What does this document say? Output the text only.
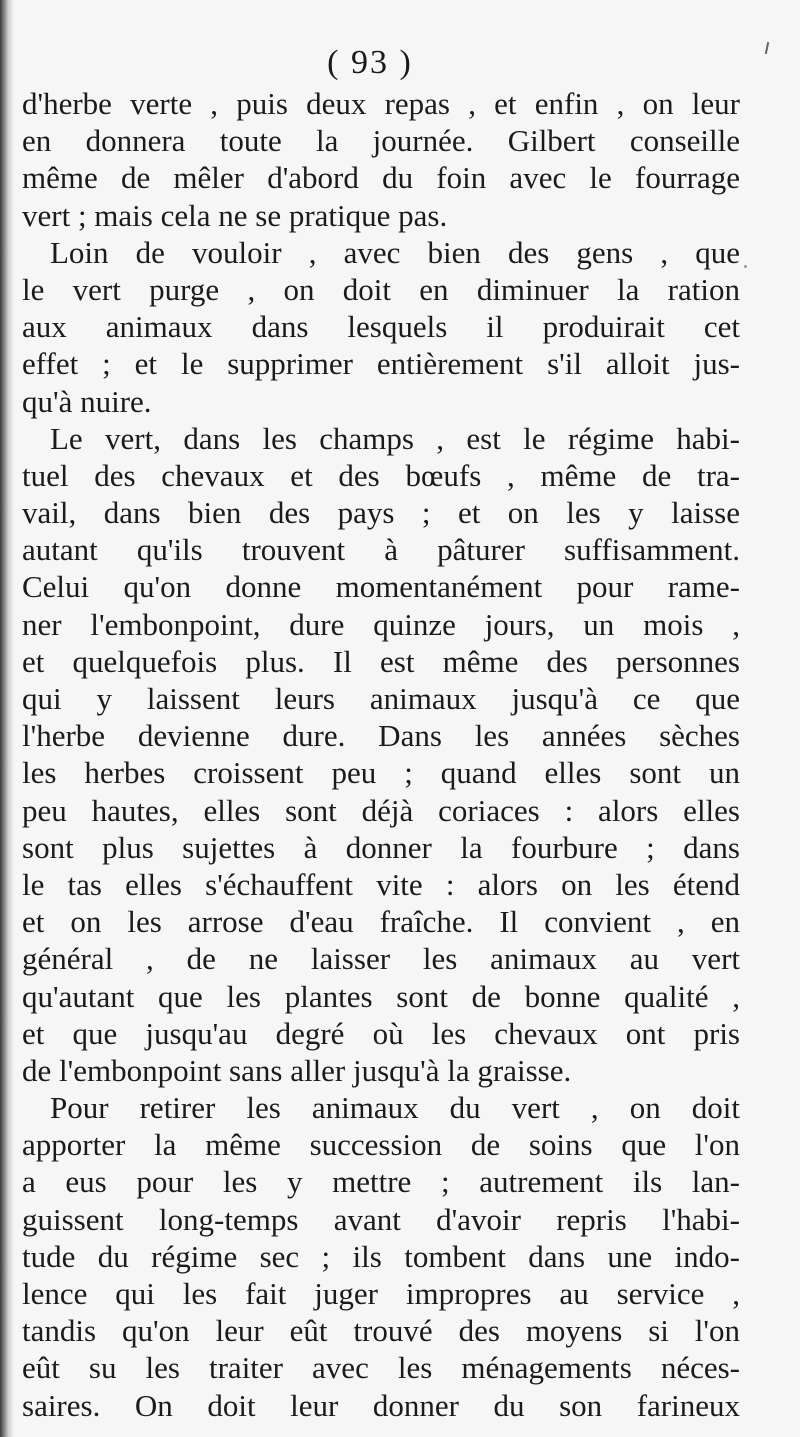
( 93 )
d'herbe verte , puis deux repas , et enfin , on leur
en donnera toute la journée. Gilbert conseille
même de mêler d'abord du foin avec le fourrage
vert ; mais cela ne se pratique pas.
Loin de vouloir , avec bien des gens , que
le vert purge , on doit en diminuer la ration
aux animaux dans lesquels il produirait cet
effet ; et le supprimer entièrement s'il alloit jus-
qu'à nuire.
Le vert, dans les champs , est le régime habi-
tuel des chevaux et des bœufs , même de tra-
vail, dans bien des pays ; et on les y laisse
autant qu'ils trouvent à pâturer suffisamment.
Celui qu'on donne momentanément pour rame-
ner l'embonpoint, dure quinze jours, un mois ,
et quelquefois plus. Il est même des personnes
qui y laissent leurs animaux jusqu'à ce que
l'herbe devienne dure. Dans les années sèches
les herbes croissent peu ; quand elles sont un
peu hautes, elles sont déjà coriaces : alors elles
sont plus sujettes à donner la fourbure ; dans
le tas elles s'échauffent vite : alors on les étend
et on les arrose d'eau fraîche. Il convient , en
général , de ne laisser les animaux au vert
qu'autant que les plantes sont de bonne qualité ,
et que jusqu'au degré où les chevaux ont pris
de l'embonpoint sans aller jusqu'à la graisse.
Pour retirer les animaux du vert , on doit
apporter la même succession de soins que l'on
a eus pour les y mettre ; autrement ils lan-
guissent long-temps avant d'avoir repris l'habi-
tude du régime sec ; ils tombent dans une indo-
lence qui les fait juger impropres au service ,
tandis qu'on leur eût trouvé des moyens si l'on
eût su les traiter avec les ménagements néces-
saires. On doit leur donner du son farineux
